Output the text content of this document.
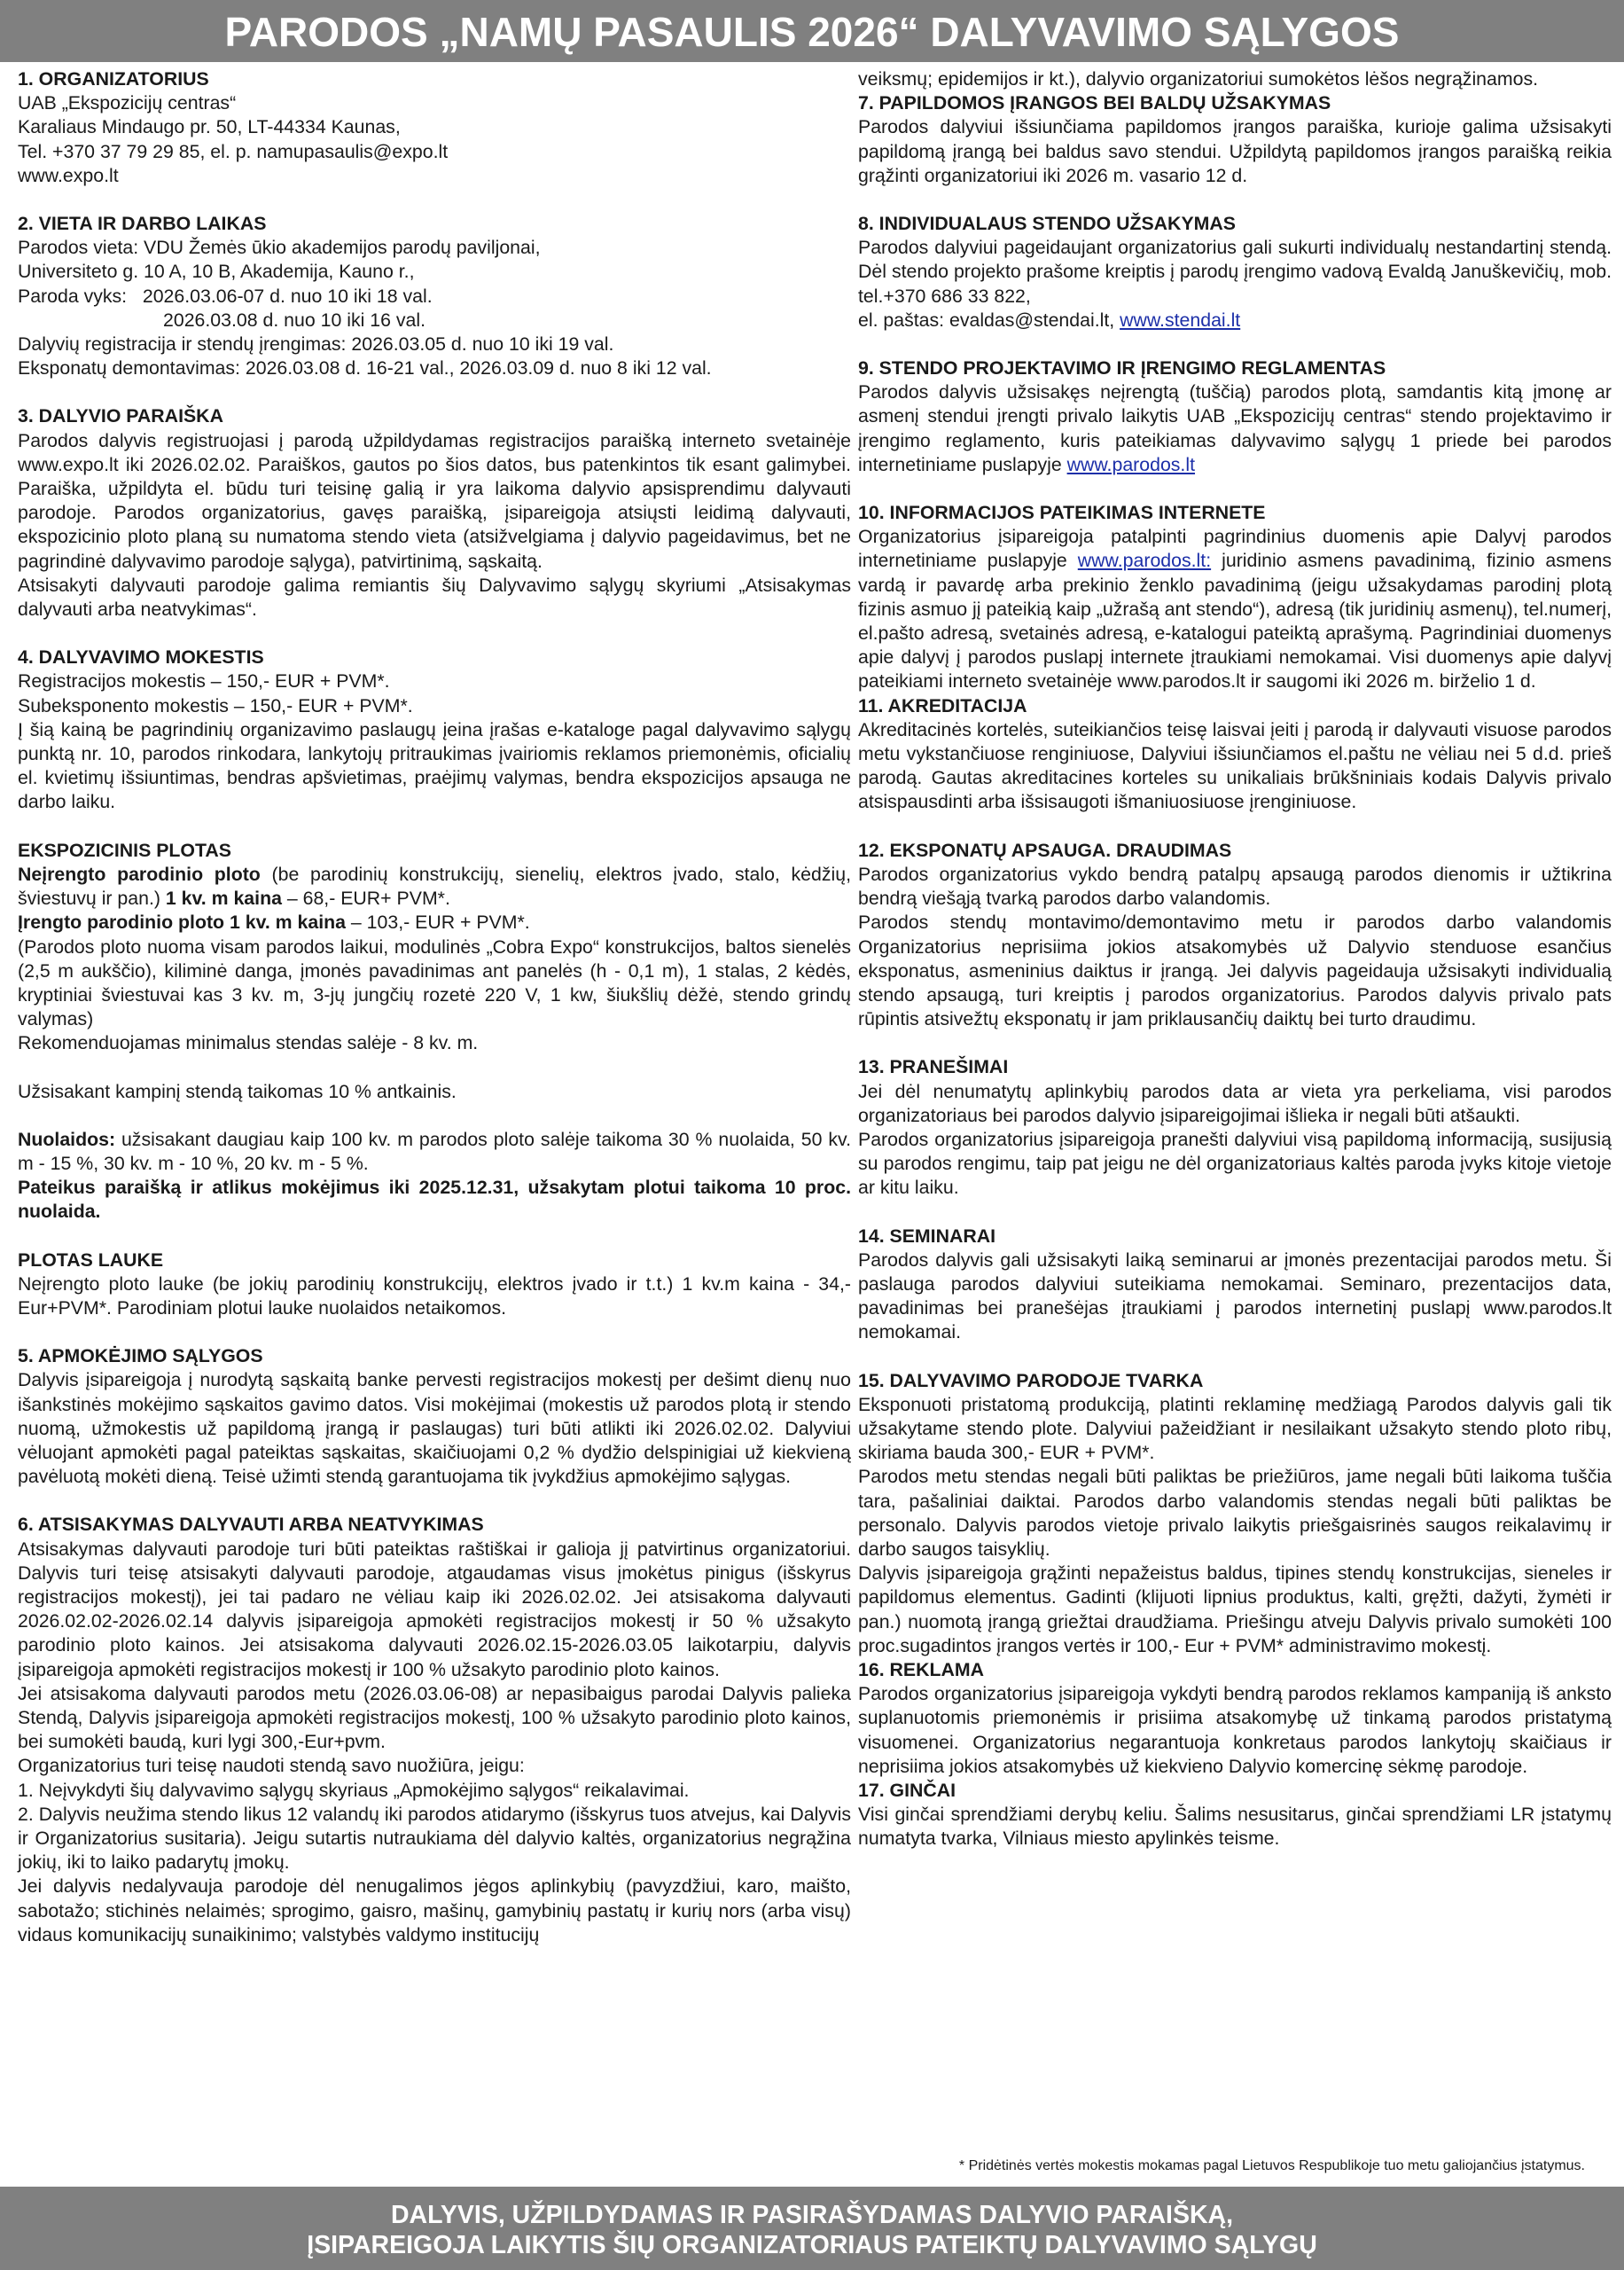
PARODOS „NAMŲ PASAULIS 2026“ DALYVAVIMO SĄLYGOS
1. ORGANIZATORIUS

UAB „Ekspozicijų centras“

Karaliaus Mindaugo pr. 50, LT-44334 Kaunas,

Tel. +370 37 79 29 85, el. p. namupasaulis@expo.lt

www.expo.lt

2. VIETA IR DARBO LAIKAS

Parodos vieta: VDU Žemės ūkio akademijos parodų paviljonai,

Universiteto g. 10 A, 10 B, Akademija, Kauno r.,

Paroda vyks:   2026.03.06-07 d. nuo 10 iki 18 val.

2026.03.08 d. nuo 10 iki 16 val.

Dalyvių registracija ir stendų įrengimas: 2026.03.05 d. nuo 10 iki 19 val.

Eksponatų demontavimas: 2026.03.08 d. 16-21 val., 2026.03.09 d. nuo 8 iki 12 val.

3. DALYVIO PARAIŠKA

Parodos dalyvis registruojasi į parodą užpildydamas registracijos paraišką interneto svetainėje www.expo.lt iki 2026.02.02. Paraiškos, gautos po šios datos, bus patenkintos tik esant galimybei. Paraiška, užpildyta el. būdu turi teisinę galią ir yra laikoma dalyvio apsisprendimu dalyvauti parodoje. Parodos organizatorius, gavęs paraišką, įsipareigoja atsiųsti leidimą dalyvauti, ekspozicinio ploto planą su numatoma stendo vieta (atsižvelgiama į dalyvio pageidavimus, bet ne pagrindinė dalyvavimo parodoje sąlyga), patvirtinimą, sąskaitą.

Atsisakyti dalyvauti parodoje galima remiantis šių Dalyvavimo sąlygų skyriumi „Atsisakymas dalyvauti arba neatvykimas“.

4. DALYVAVIMO MOKESTIS

Registracijos mokestis – 150,- EUR + PVM*.

Subeksponento mokestis – 150,- EUR + PVM*.

Į šią kainą be pagrindinių organizavimo paslaugų įeina įrašas e-kataloge pagal dalyvavimo sąlygų punktą nr. 10, parodos rinkodara, lankytojų pritraukimas įvairiomis reklamos priemonėmis, oficialių el. kvietimų išsiuntimas, bendras apšvietimas, praėjimų valymas, bendra ekspozicijos apsauga ne darbo laiku.

EKSPOZICINIS PLOTAS

Neįrengto parodinio ploto (be parodinių konstrukcijų, sienelių, elektros įvado, stalo, kėdžių, šviestuvų ir pan.) 1 kv. m kaina – 68,- EUR+ PVM*.

Įrengto parodinio ploto 1 kv. m kaina – 103,- EUR + PVM*.

(Parodos ploto nuoma visam parodos laikui, modulinės „Cobra Expo“ konstrukcijos, baltos sienelės (2,5 m aukščio), kiliminė danga, įmonės pavadinimas ant panelės (h - 0,1 m), 1 stalas, 2 kėdės, kryptiniai šviestuvai kas 3 kv. m, 3-jų jungčių rozetė 220 V, 1 kw, šiukšlių dėžė, stendo grindų valymas)

Rekomenduojamas minimalus stendas salėje - 8 kv. m.

Užsisakant kampinį stendą taikomas 10 % antkainis.

Nuolaidos: užsisakant daugiau kaip 100 kv. m parodos ploto salėje taikoma 30 % nuolaida, 50 kv. m - 15 %, 30 kv. m - 10 %, 20 kv. m - 5 %.

Pateikus paraišką ir atlikus mokėjimus iki 2025.12.31, užsakytam plotui taikoma 10 proc. nuolaida.

PLOTAS LAUKE

Neįrengto ploto lauke (be jokių parodinių konstrukcijų, elektros įvado ir t.t.) 1 kv.m kaina - 34,-Eur+PVM*. Parodiniam plotui lauke nuolaidos netaikomos.

5. APMOKĖJIMO SĄLYGOS

Dalyvis įsipareigoja į nurodytą sąskaitą banke pervesti registracijos mokestį per dešimt dienų nuo išankstinės mokėjimo sąskaitos gavimo datos. Visi mokėjimai (mokestis už parodos plotą ir stendo nuomą, užmokestis už papildomą įrangą ir paslaugas) turi būti atlikti iki 2026.02.02. Dalyviui vėluojant apmokėti pagal pateiktas sąskaitas, skaičiuojami 0,2 % dydžio delspinigiai už kiekvieną pavėluotą mokėti dieną. Teisė užimti stendą garantuojama tik įvykdžius apmokėjimo sąlygas.

6. ATSISAKYMAS DALYVAUTI ARBA NEATVYKIMAS

Atsisakymas dalyvauti parodoje turi būti pateiktas raštiškai ir galioja jį patvirtinus organizatoriui. Dalyvis turi teisę atsisakyti dalyvauti parodoje, atgaudamas visus įmokėtus pinigus (išskyrus registracijos mokestį), jei tai padaro ne vėliau kaip iki 2026.02.02. Jei atsisakoma dalyvauti 2026.02.02-2026.02.14 dalyvis įsipareigoja apmokėti registracijos mokestį ir 50 % užsakyto parodinio ploto kainos. Jei atsisakoma dalyvauti 2026.02.15-2026.03.05 laikotarpiu, dalyvis įsipareigoja apmokėti registracijos mokestį ir 100 % užsakyto parodinio ploto kainos.

Jei atsisakoma dalyvauti parodos metu (2026.03.06-08) ar nepasibaigus parodai Dalyvis palieka Stendą, Dalyvis įsipareigoja apmokėti registracijos mokestį, 100 % užsakyto parodinio ploto kainos, bei sumokėti baudą, kuri lygi 300,-Eur+pvm.

Organizatorius turi teisę naudoti stendą savo nuožiūra, jeigu:

1. Neįvykdyti šių dalyvavimo sąlygų skyriaus „Apmokėjimo sąlygos“ reikalavimai.

2. Dalyvis neužima stendo likus 12 valandų iki parodos atidarymo (išskyrus tuos atvejus, kai Dalyvis ir Organizatorius susitaria). Jeigu sutartis nutraukiama dėl dalyvio kaltės, organizatorius negrąžina jokių, iki to laiko padarytų įmokų.

Jei dalyvis nedalyvauja parodoje dėl nenugalimos jėgos aplinkybių (pavyzdžiui, karo, maišto, sabotažo; stichinės nelaimės; sprogimo, gaisro, mašinų, gamybinių pastatų ir kurių nors (arba visų) vidaus komunikacijų sunaikinimo; valstybės valdymo institucijų

veiksmų; epidemijos ir kt.), dalyvio organizatoriui sumokėtos lėšos negrąžinamos.

7. PAPILDOMOS ĮRANGOS BEI BALDŲ UŽSAKYMAS

Parodos dalyviui išsiunčiama papildomos įrangos paraiška, kurioje galima užsisakyti papildomą įrangą bei baldus savo stendui. Užpildytą papildomos įrangos paraišką reikia grąžinti organizatoriui iki 2026 m. vasario 12 d.

8. INDIVIDUALAUS STENDO UŽSAKYMAS

Parodos dalyviui pageidaujant organizatorius gali sukurti individualų nestandartinį stendą. Dėl stendo projekto prašome kreiptis į parodų įrengimo vadovą Evaldą Januškevičių, mob. tel.+370 686 33 822,

el. paštas: evaldas@stendai.lt, www.stendai.lt

9. STENDO PROJEKTAVIMO IR ĮRENGIMO REGLAMENTAS

Parodos dalyvis užsisakęs neįrengtą (tuščią) parodos plotą, samdantis kitą įmonę ar asmenį stendui įrengti privalo laikytis UAB „Ekspozicijų centras“ stendo projektavimo ir įrengimo reglamento, kuris pateikiamas dalyvavimo sąlygų 1 priede bei parodos internetiniame puslapyje www.parodos.lt

10. INFORMACIJOS PATEIKIMAS INTERNETE

Organizatorius įsipareigoja patalpinti pagrindinius duomenis apie Dalyvį parodos internetiniame puslapyje www.parodos.lt: juridinio asmens pavadinimą, fizinio asmens vardą ir pavardę arba prekinio ženklo pavadinimą (jeigu užsakydamas parodinį plotą fizinis asmuo jį pateikią kaip „užrašą ant stendo“), adresą (tik juridinių asmenų), tel.numerį, el.pašto adresą, svetainės adresą, e-katalogui pateiktą aprašymą. Pagrindiniai duomenys apie dalyvį į parodos puslapį internete įtraukiami nemokamai. Visi duomenys apie dalyvį pateikiami interneto svetainėje www.parodos.lt ir saugomi iki 2026 m. birželio 1 d.

11. AKREDITACIJA

Akreditacinės kortelės, suteikiančios teisę laisvai įeiti į parodą ir dalyvauti visuose parodos metu vykstančiuose renginiuose, Dalyviui išsiunčiamos el.paštu ne vėliau nei 5 d.d. prieš parodą. Gautas akreditacines korteles su unikaliais brūkšniniais kodais Dalyvis privalo atsispausdinti arba išsisaugoti išmaniuosiuose įrenginiuose.

12. EKSPONATŲ APSAUGA. DRAUDIMAS

Parodos organizatorius vykdo bendrą patalpų apsaugą parodos dienomis ir užtikrina bendrą viešąją tvarką parodos darbo valandomis.

Parodos stendų montavimo/demontavimo metu ir parodos darbo valandomis Organizatorius neprisiima jokios atsakomybės už Dalyvio stenduose esančius eksponatus, asmeninius daiktus ir įrangą. Jei dalyvis pageidauja užsisakyti individualią stendo apsaugą, turi kreiptis į parodos organizatorius. Parodos dalyvis privalo pats rūpintis atsivežtų eksponatų ir jam priklausančių daiktų bei turto draudimu.

13. PRANEŠIMAI

Jei dėl nenumatytų aplinkybių parodos data ar vieta yra perkeliama, visi parodos organizatoriaus bei parodos dalyvio įsipareigojimai išlieka ir negali būti atšaukti.

Parodos organizatorius įsipareigoja pranešti dalyviui visą papildomą informaciją, susijusią su parodos rengimu, taip pat jeigu ne dėl organizatoriaus kaltės paroda įvyks kitoje vietoje ar kitu laiku.

14. SEMINARAI

Parodos dalyvis gali užsisakyti laiką seminarui ar įmonės prezentacijai parodos metu. Ši paslauga parodos dalyviui suteikiama nemokamai. Seminaro, prezentacijos data, pavadinimas bei pranešėjas įtraukiami į parodos internetinį puslapį www.parodos.lt nemokamai.

15. DALYVAVIMO PARODOJE TVARKA

Eksponuoti pristatomą produkciją, platinti reklaminę medžiagą Parodos dalyvis gali tik užsakytame stendo plote. Dalyviui pažeidžiant ir nesilaikant užsakyto stendo ploto ribų, skiriama bauda 300,- EUR + PVM*.

Parodos metu stendas negali būti paliktas be priežiūros, jame negali būti laikoma tuščia tara, pašaliniai daiktai. Parodos darbo valandomis stendas negali būti paliktas be personalo. Dalyvis parodos vietoje privalo laikytis priešgaisrinės saugos reikalavimų ir darbo saugos taisyklių.

Dalyvis įsipareigoja grąžinti nepažeistus baldus, tipines stendų konstrukcijas, sieneles ir papildomus elementus. Gadinti (klijuoti lipnius produktus, kalti, gręžti, dažyti, žymėti ir pan.) nuomotą įrangą griežtai draudžiama. Priešingu atveju Dalyvis privalo sumokėti 100 proc.sugadintos įrangos vertės ir 100,- Eur + PVM* administravimo mokestį.

16. REKLAMA

Parodos organizatorius įsipareigoja vykdyti bendrą parodos reklamos kampaniją iš anksto suplanuotomis priemonėmis ir prisiima atsakomybę už tinkamą parodos pristatymą visuomenei. Organizatorius negarantuoja konkretaus parodos lankytojų skaičiaus ir neprisiima jokios atsakomybės už kiekvieno Dalyvio komercinę sėkmę parodoje.

17. GINČAI

Visi ginčai sprendžiami derybų keliu. Šalims nesusitarus, ginčai sprendžiami LR įstatymų numatyta tvarka, Vilniaus miesto apylinkės teisme.

* Pridėtinės vertės mokestis mokamas pagal Lietuvos Respublikoje tuo metu galiojančius įstatymus.
DALYVIS, UŽPILDYDAMAS IR PASIRAŠYDAMAS DALYVIO PARAIŠKĄ,
ĮSIPAREIGOJA LAIKYTIS ŠIŲ ORGANIZATORIAUS PATEIKTŲ DALYVAVIMO SĄLYGŲ
